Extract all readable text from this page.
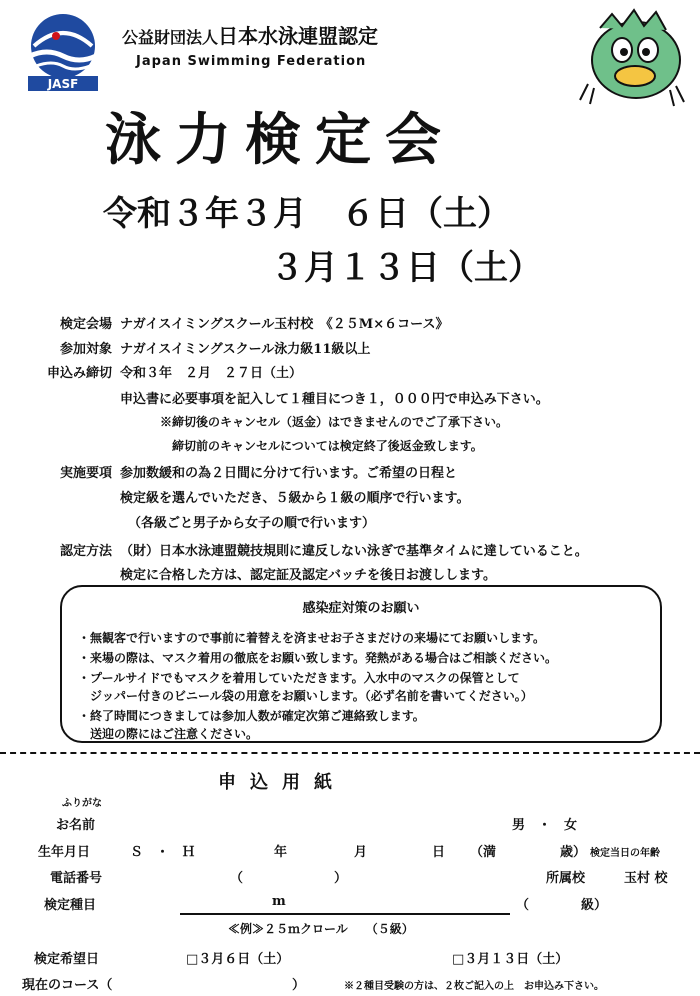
JASF
公益財団法人日本水泳連盟認定
Japan Swimming Federation
泳力検定会
令和３年３月　６日（土）
３月１３日（土）
検定会場 ナガイスイミングスクール玉村校　《２５M×６コース》
参加対象 ナガイスイミングスクール泳力級11級以上
申込み締切 令和３年　２月　２７日（土）
申込書に必要事項を記入して１種目につき１，０００円で申込み下さい。
※締切後のキャンセル（返金）はできませんのでご了承下さい。
締切前のキャンセルについては検定終了後返金致します。
実施要項 参加数緩和の為２日間に分けて行います。ご希望の日程と
検定級を選んでいただき、５級から１級の順序で行います。
（各級ごと男子から女子の順で行います）
認定方法 （財）日本水泳連盟競技規則に違反しない泳ぎで基準タイムに達していること。
検定に合格した方は、認定証及認定バッチを後日お渡しします。
感染症対策のお願い
・無観客で行いますので事前に着替えを済ませお子さまだけの来場にてお願いします。
・来場の際は、マスク着用の徹底をお願い致します。発熱がある場合はご相談ください。
・プールサイドでもマスクを着用していただきます。入水中のマスクの保管として
　ジッパー付きのビニール袋の用意をお願いします。（必ず名前を書いてください。）
・終了時間につきましては参加人数が確定次第ご連絡致します。
　送迎の際にはご注意ください。
申込用紙
ふりがな
お名前	男　・　女
生年月日	Ｓ　・　Ｈ	年	月	日 （満	歳） 検定当日の年齢
電話番号	（　　　　　　　）	所属校	玉村 校
検定種目	m	（　　　　級）
≪例≫２５ｍクロール　　（５級）
検定希望日	□３月６日（土）	□３月１３日（土）
現在のコース（	）	※２種目受験の方は、２枚ご記入の上　お申込み下さい。
